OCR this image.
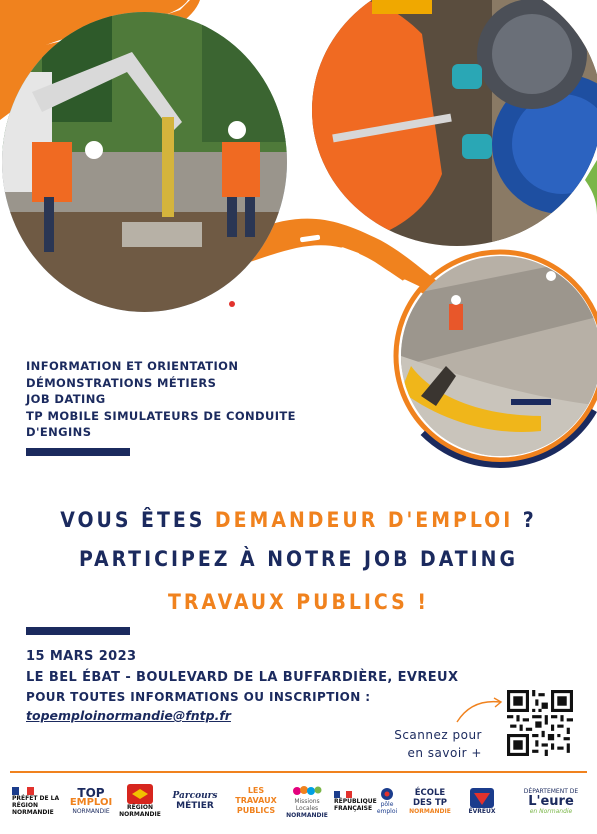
INFORMATION ET ORIENTATION
DÉMONSTRATIONS MÉTIERS
JOB DATING
TP MOBILE SIMULATEURS DE CONDUITE
D'ENGINS
VOUS ÊTES DEMANDEUR D'EMPLOI ?
PARTICIPEZ À NOTRE JOB DATING
TRAVAUX PUBLICS !
15 MARS 2023
LE BEL ÉBAT - BOULEVARD DE LA BUFFARDIÈRE, EVREUX
POUR TOUTES INFORMATIONS OU INSCRIPTION :
topemploinormandie@fntp.fr
Scannez pour
en savoir +
PRÉFET DE LA RÉGION NORMANDIE
TOP
EMPLOI
NORMANDIE	RÉGION NORMANDIE
Parcours
MÉTIER
LES TRAVAUX PUBLICS
Missions Locales
NORMANDIE
RÉPUBLIQUE FRANÇAISE	pôle emploi
ÉCOLE DES TP
NORMANDIE	ÉVREUX
DÉPARTEMENT DE
L'eure
en Normandie
